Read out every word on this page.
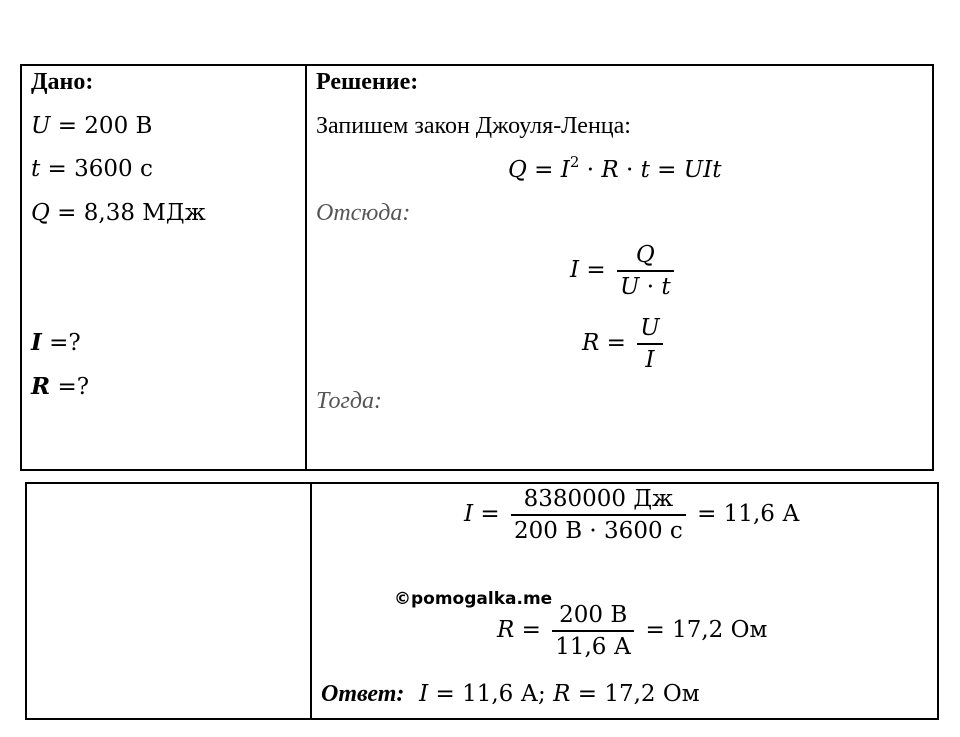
Дано:
U = 200 В
t = 3600 с
Q = 8,38 МДж
I =?
R =?
Решение:
Запишем закон Джоуля-Ленца:
$Q = I^2 \cdot R \cdot t$ = UIt
Отсюда:
$I = \frac{Q}{U \cdot t}$
$R = \frac{U}{I}$
Тогда:
$I = \frac{8380000 Дж}{200 В \cdot 3600 с} = 11,6$ А
©pomogalka.me
$R = \frac{200 В}{11,6 А} = 17,2$ Ом
Ответ: I = 11,6 А; R = 17,2 Ом
